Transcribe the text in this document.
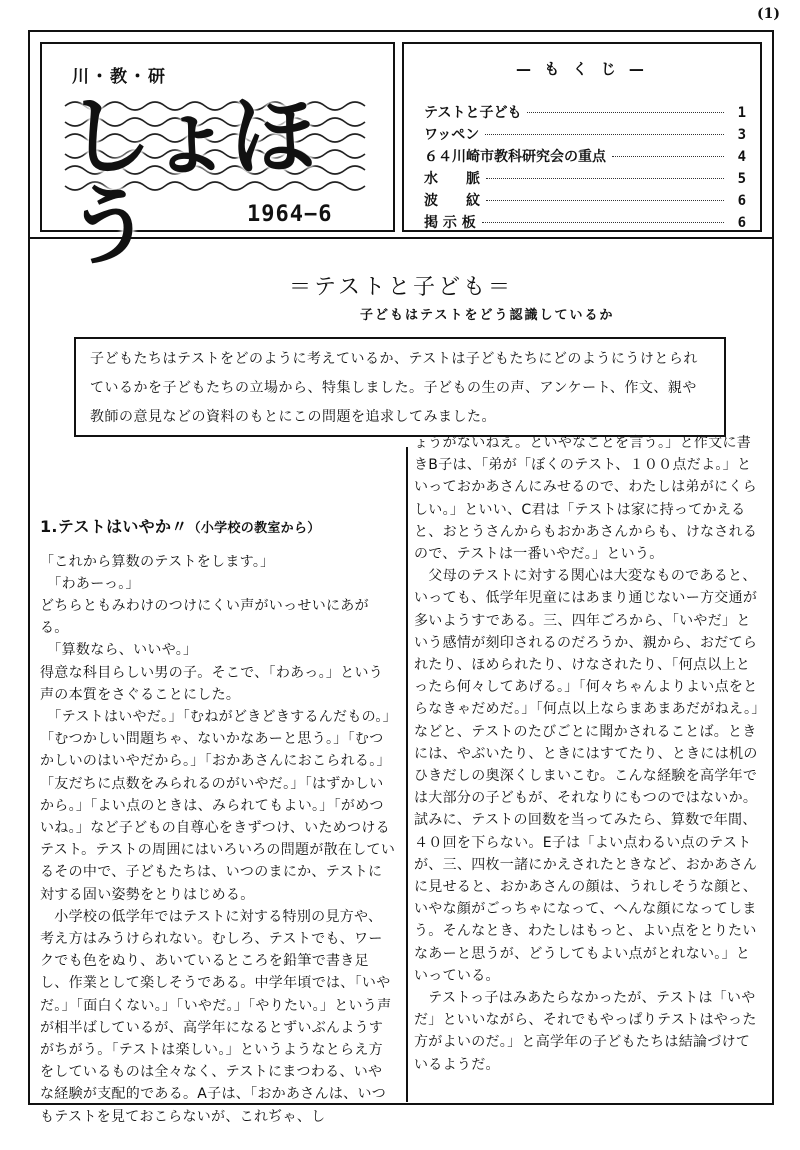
(1)
川・教・研
しょほう	1964−6
— も く じ —
テストと子ども	1
ワッペン	3
６４川崎市教科研究会の重点	4
水　　脈	5
波　　紋	6
掲 示 板	6
＝テストと子ども＝
子どもはテストをどう認識しているか
子どもたちはテストをどのように考えているか、テストは子どもたちにどのようにうけとられているかを子どもたちの立場から、特集しました。子どもの生の声、アンケート、作文、親や教師の意見などの資料のもとにこの問題を追求してみました。

1.テストはいやか〃（小学校の教室から）
「これから算数のテストをします。」
　「わあーっ。」
どちらともみわけのつけにくい声がいっせいにあがる。
　「算数なら、いいや。」
得意な科目らしい男の子。そこで、「わあっ。」という声の本質をさぐることにした。
　「テストはいやだ。」「むねがどきどきするんだもの。」「むつかしい問題ちゃ、ないかなあーと思う。」「むつかしいのはいやだから。」「おかあさんにおこられる。」「友だちに点数をみられるのがいやだ。」「はずかしいから。」「よい点のときは、みられてもよい。」「がめついね。」など子どもの自尊心をきずつけ、いためつけるテスト。テストの周囲にはいろいろの問題が散在しているその中で、子どもたちは、いつのまにか、テストに対する固い姿勢をとりはじめる。
　小学校の低学年ではテストに対する特別の見方や、考え方はみうけられない。むしろ、テストでも、ワークでも色をぬり、あいているところを鉛筆で書き足し、作業として楽しそうである。中学年頃では、「いやだ。」「面白くない。」「いやだ。」「やりたい。」という声が相半ばしているが、高学年になるとずいぶんようすがちがう。「テストは楽しい。」というようなとらえ方をしているものは全々なく、テストにまつわる、いやな経験が支配的である。A子は、「おかあさんは、いつもテストを見ておこらないが、これぢゃ、し

ょうがないねえ。といやなことを言う。」と作文に書きB子は、「弟が「ぼくのテスト、１００点だよ。」といっておかあさんにみせるので、わたしは弟がにくらしい。」といい、C君は「テストは家に持ってかえると、おとうさんからもおかあさんからも、けなされるので、テストは一番いやだ。」という。
　父母のテストに対する関心は大変なものであると、いっても、低学年児童にはあまり通じないー方交通が多いようすである。三、四年ごろから、「いやだ」という感情が刻印されるのだろうか、親から、おだてられたり、ほめられたり、けなされたり、「何点以上とったら何々してあげる。」「何々ちゃんよりよい点をとらなきゃだめだ。」「何点以上ならまあまあだがねえ。」などと、テストのたびごとに聞かされることば。ときには、やぶいたり、ときにはすてたり、ときには机のひきだしの奥深くしまいこむ。こんな経験を高学年では大部分の子どもが、それなりにもつのではないか。試みに、テストの回数を当ってみたら、算数で年間、４０回を下らない。E子は「よい点わるい点のテストが、三、四枚一諸にかえされたときなど、おかあさんに見せると、おかあさんの顔は、うれしそうな顔と、いやな顔がごっちゃになって、へんな顔になってしまう。そんなとき、わたしはもっと、よい点をとりたいなあーと思うが、どうしてもよい点がとれない。」といっている。
　テストっ子はみあたらなかったが、テストは「いやだ」といいながら、それでもやっぱりテストはやった方がよいのだ。」と高学年の子どもたちは結論づけているようだ。
